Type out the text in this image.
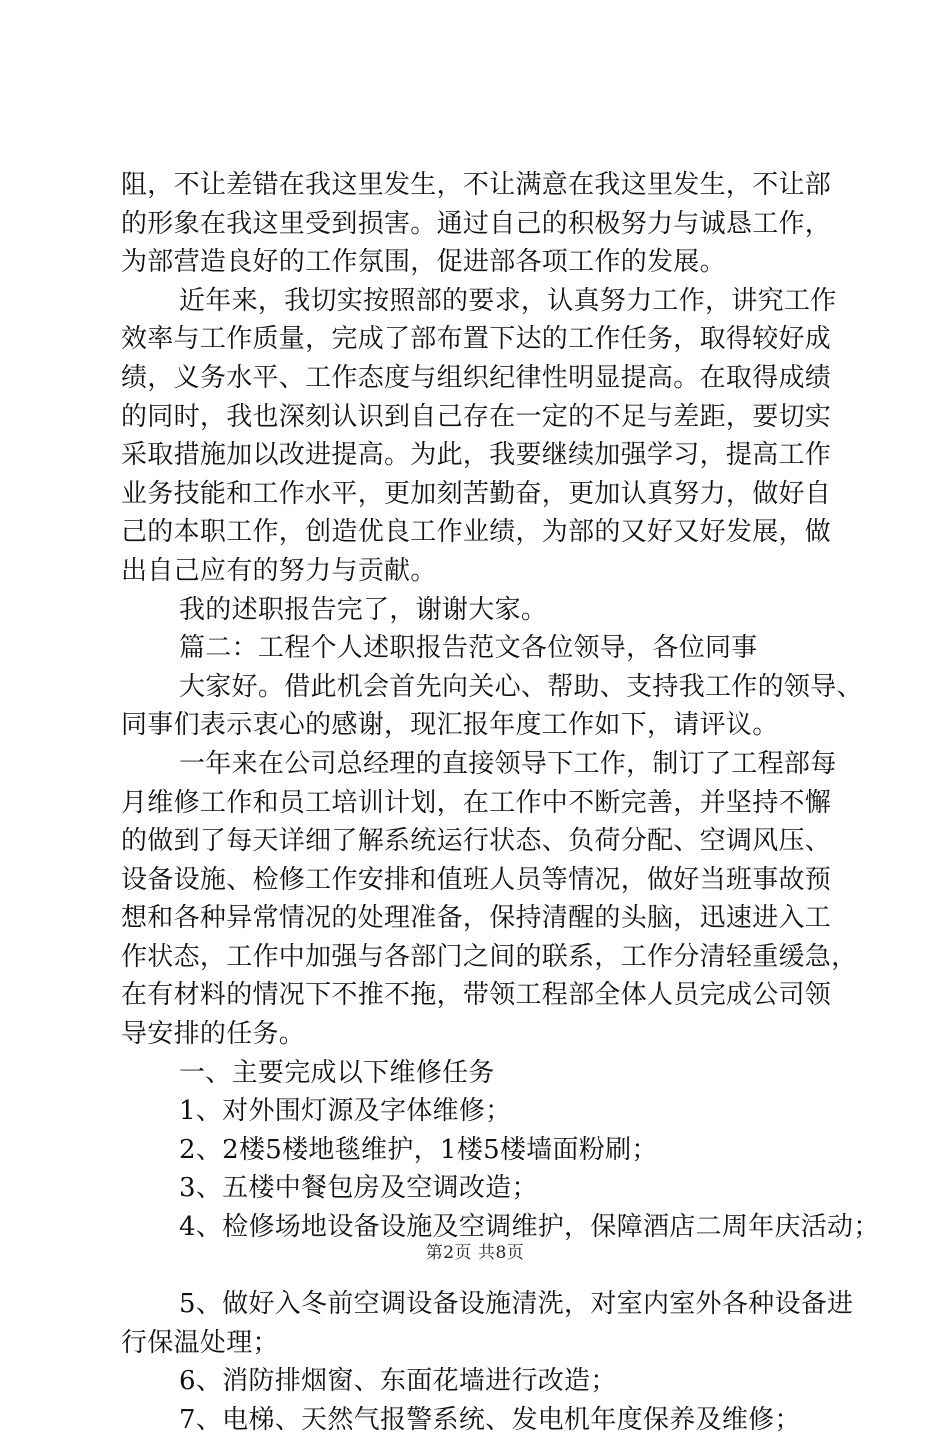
阻，不让差错在我这里发生，不让满意在我这里发生，不让部
的形象在我这里受到损害。通过自己的积极努力与诚恳工作，
为部营造良好的工作氛围，促进部各项工作的发展。
近年来，我切实按照部的要求，认真努力工作，讲究工作
效率与工作质量，完成了部布置下达的工作任务，取得较好成
绩，义务水平、工作态度与组织纪律性明显提高。在取得成绩
的同时，我也深刻认识到自己存在一定的不足与差距，要切实
采取措施加以改进提高。为此，我要继续加强学习，提高工作
业务技能和工作水平，更加刻苦勤奋，更加认真努力，做好自
己的本职工作，创造优良工作业绩，为部的又好又好发展，做
出自己应有的努力与贡献。
我的述职报告完了，谢谢大家。
篇二：工程个人述职报告范文各位领导，各位同事
大家好。借此机会首先向关心、帮助、支持我工作的领导、
同事们表示衷心的感谢，现汇报年度工作如下，请评议。
一年来在公司总经理的直接领导下工作，制订了工程部每
月维修工作和员工培训计划，在工作中不断完善，并坚持不懈
的做到了每天详细了解系统运行状态、负荷分配、空调风压、
设备设施、检修工作安排和值班人员等情况，做好当班事故预
想和各种异常情况的处理准备，保持清醒的头脑，迅速进入工
作状态，工作中加强与各部门之间的联系，工作分清轻重缓急，
在有材料的情况下不推不拖，带领工程部全体人员完成公司领
导安排的任务。
一、主要完成以下维修任务
1、对外围灯源及字体维修；
2、2楼5楼地毯维护，1楼5楼墙面粉刷；
3、五楼中餐包房及空调改造；
4、检修场地设备设施及空调维护，保障酒店二周年庆活动；
5、做好入冬前空调设备设施清洗，对室内室外各种设备进
行保温处理；
6、消防排烟窗、东面花墙进行改造；
7、电梯、天然气报警系统、发电机年度保养及维修；
第2页 共8页
